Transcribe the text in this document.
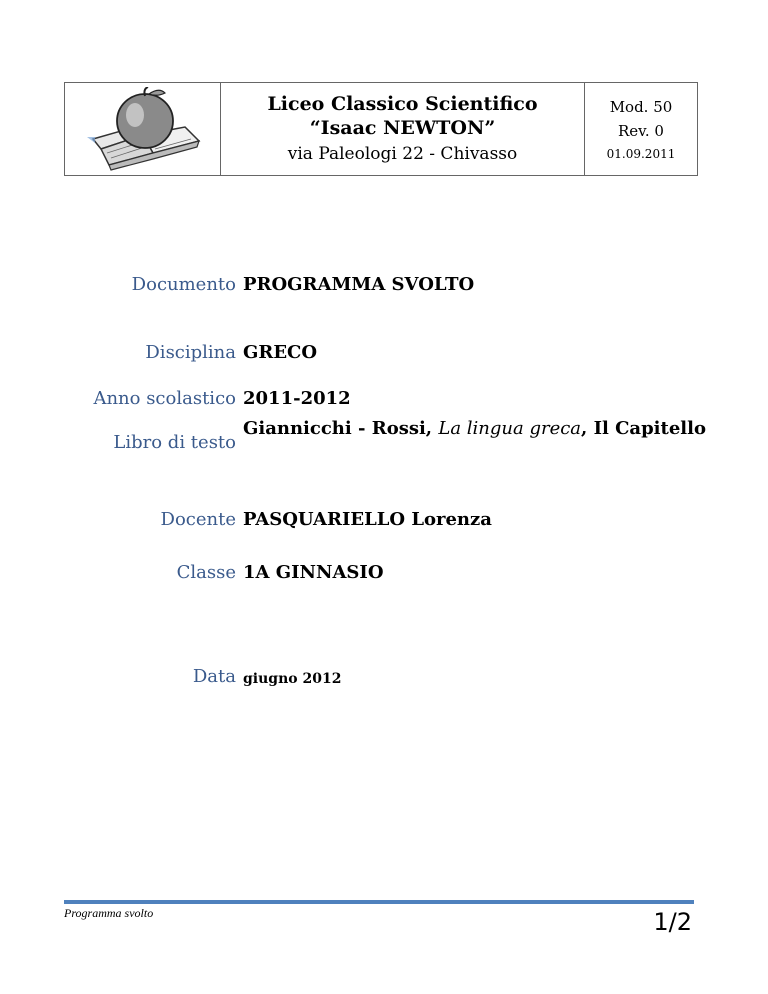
Liceo Classico Scientifico
“Isaac NEWTON”
via Paleologi 22 - Chivasso
Mod. 50
Rev. 0
01.09.2011
Documento PROGRAMMA SVOLTO
Disciplina GRECO
Anno scolastico 2011-2012
Libro di testo
Giannicchi - Rossi, La lingua greca, Il Capitello
Docente PASQUARIELLO Lorenza
Classe 1A GINNASIO
Data giugno 2012
Programma svolto	1/2
